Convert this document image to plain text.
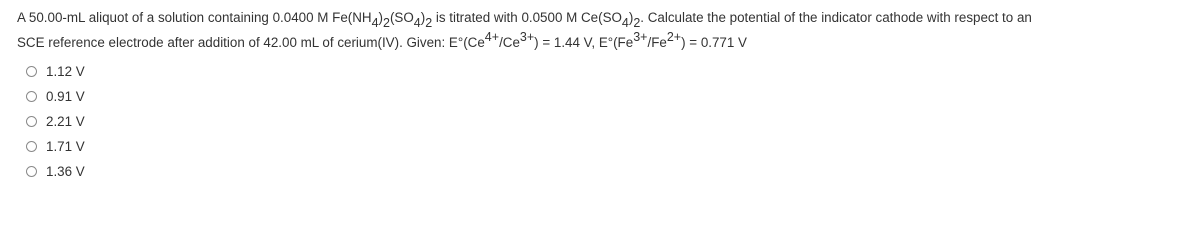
A 50.00-mL aliquot of a solution containing 0.0400 M $Fe(NH_4)_2(SO_4)_2$ is titrated with 0.0500 M $Ce(SO_4)_2$. Calculate the potential of the indicator cathode with respect to an
SCE reference electrode after addition of 42.00 mL of cerium(IV). Given: $E^\circ(Ce^{4+}/Ce^{3+}) = 1.44$ V, $E^\circ(Fe^{3+}/Fe^{2+}) = 0.771$ V
1.12 V
0.91 V
2.21 V
1.71 V
1.36 V
